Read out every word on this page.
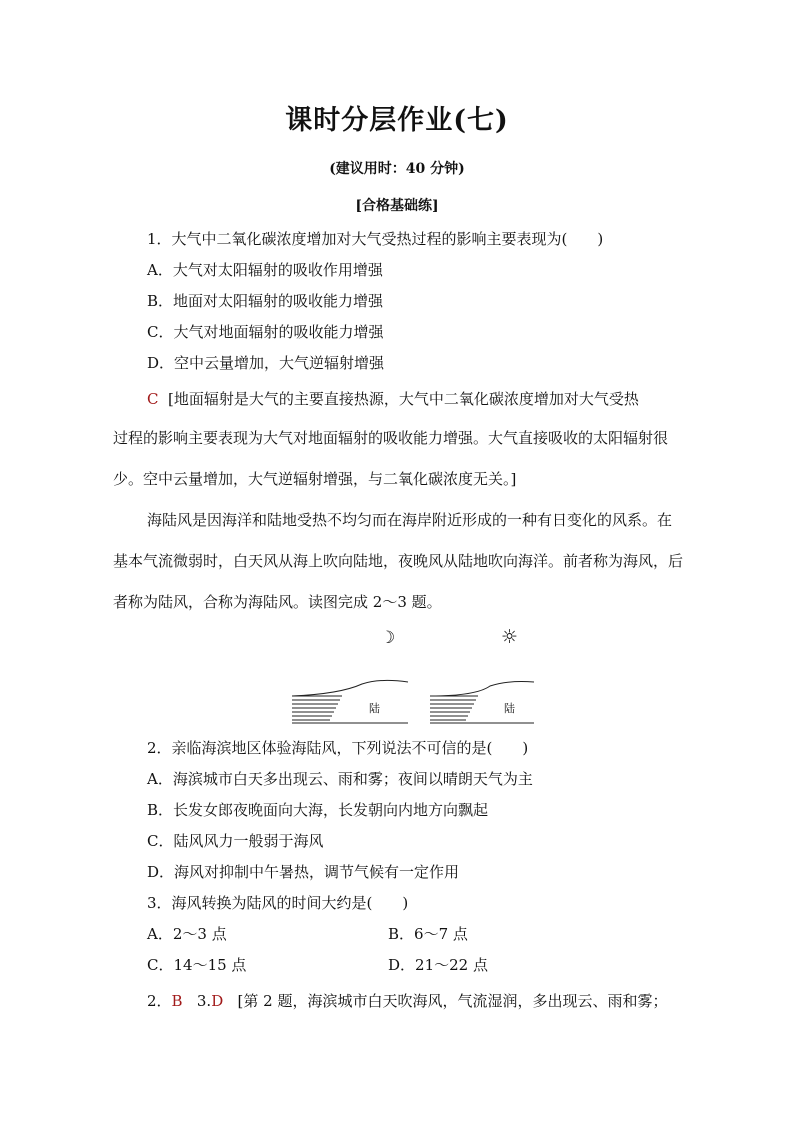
课时分层作业(七)
(建议用时：40 分钟)
[合格基础练]
1．大气中二氧化碳浓度增加对大气受热过程的影响主要表现为(　　)
A．大气对太阳辐射的吸收作用增强
B．地面对太阳辐射的吸收能力增强
C．大气对地面辐射的吸收能力增强
D．空中云量增加，大气逆辐射增强
C [地面辐射是大气的主要直接热源，大气中二氧化碳浓度增加对大气受热
过程的影响主要表现为大气对地面辐射的吸收能力增强。大气直接吸收的太阳辐射很少。空中云量增加，大气逆辐射增强，与二氧化碳浓度无关。]
海陆风是因海洋和陆地受热不均匀而在海岸附近形成的一种有日变化的风系。在基本气流微弱时，白天风从海上吹向陆地，夜晚风从陆地吹向海洋。前者称为海风，后者称为陆风，合称为海陆风。读图完成 2～3 题。
☽	☼
陆	陆
2．亲临海滨地区体验海陆风，下列说法不可信的是(　　)
A．海滨城市白天多出现云、雨和雾；夜间以晴朗天气为主
B．长发女郎夜晚面向大海，长发朝向内地方向飘起
C．陆风风力一般弱于海风
D．海风对抑制中午暑热，调节气候有一定作用
3．海风转换为陆风的时间大约是(　　)
A．2～3 点	B．6～7 点
C．14～15 点	D．21～22 点
2．B 3.D [第 2 题，海滨城市白天吹海风，气流湿润，多出现云、雨和雾；
